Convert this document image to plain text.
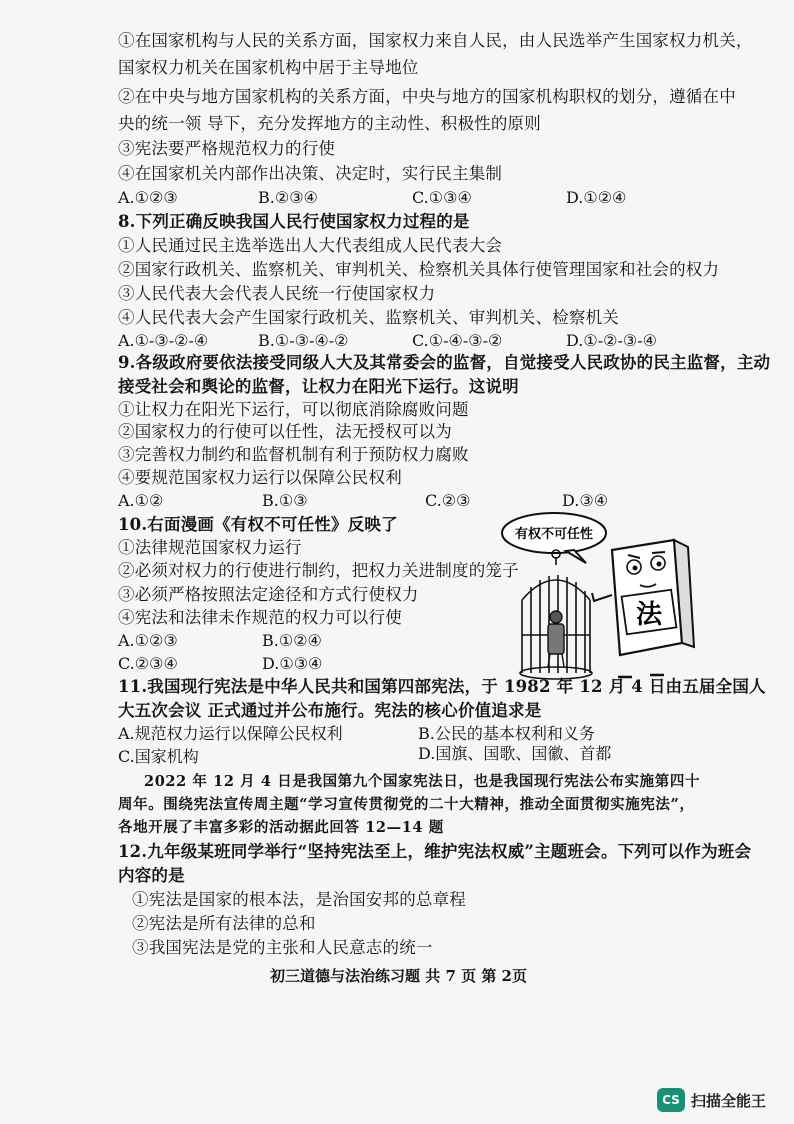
①在国家机构与人民的关系方面，国家权力来自人民，由人民选举产生国家权力机关，
国家权力机关在国家机构中居于主导地位
②在中央与地方国家机构的关系方面，中央与地方的国家机构职权的划分，遵循在中
央的统一领 导下，充分发挥地方的主动性、积极性的原则
③宪法要严格规范权力的行使
④在国家机关内部作出决策、决定时，实行民主集制
A.①②③	B.②③④	C.①③④	D.①②④
8.下列正确反映我国人民行使国家权力过程的是
①人民通过民主选举选出人大代表组成人民代表大会
②国家行政机关、监察机关、审判机关、检察机关具体行使管理国家和社会的权力
③人民代表大会代表人民统一行使国家权力
④人民代表大会产生国家行政机关、监察机关、审判机关、检察机关
A.①-③-②-④	B.①-③-④-②	C.①-④-③-②	D.①-②-③-④
9.各级政府要依法接受同级人大及其常委会的监督，自觉接受人民政协的民主监督，主动
接受社会和舆论的监督，让权力在阳光下运行。这说明
①让权力在阳光下运行，可以彻底消除腐败问题
②国家权力的行使可以任性，法无授权可以为
③完善权力制约和监督机制有利于预防权力腐败
④要规范国家权力运行以保障公民权利
A.①②	B.①③	C.②③	D.③④
10.右面漫画《有权不可任性》反映了
①法律规范国家权力运行
②必须对权力的行使进行制约，把权力关进制度的笼子
③必须严格按照法定途径和方式行使权力
④宪法和法律未作规范的权力可以行使
A.①②③	B.①②④
C.②③④	D.①③④
有权不可任性
法
11.我国现行宪法是中华人民共和国第四部宪法，于 1982 年 12 月 4 日由五届全国人
大五次会议 正式通过并公布施行。宪法的核心价值追求是
A.规范权力运行以保障公民权利	B.公民的基本权利和义务
C.国家机构	D.国旗、国歌、国徽、首都
2022 年 12 月 4 日是我国第九个国家宪法日，也是我国现行宪法公布实施第四十
周年。围绕宪法宣传周主题“学习宣传贯彻党的二十大精神，推动全面贯彻实施宪法”，
各地开展了丰富多彩的活动据此回答 12—14 题
12.九年级某班同学举行“坚持宪法至上，维护宪法权威”主题班会。下列可以作为班会
内容的是
①宪法是国家的根本法，是治国安邦的总章程
②宪法是所有法律的总和
③我国宪法是党的主张和人民意志的统一
初三道德与法治练习题 共 7 页 第 2页
CS 扫描全能王
